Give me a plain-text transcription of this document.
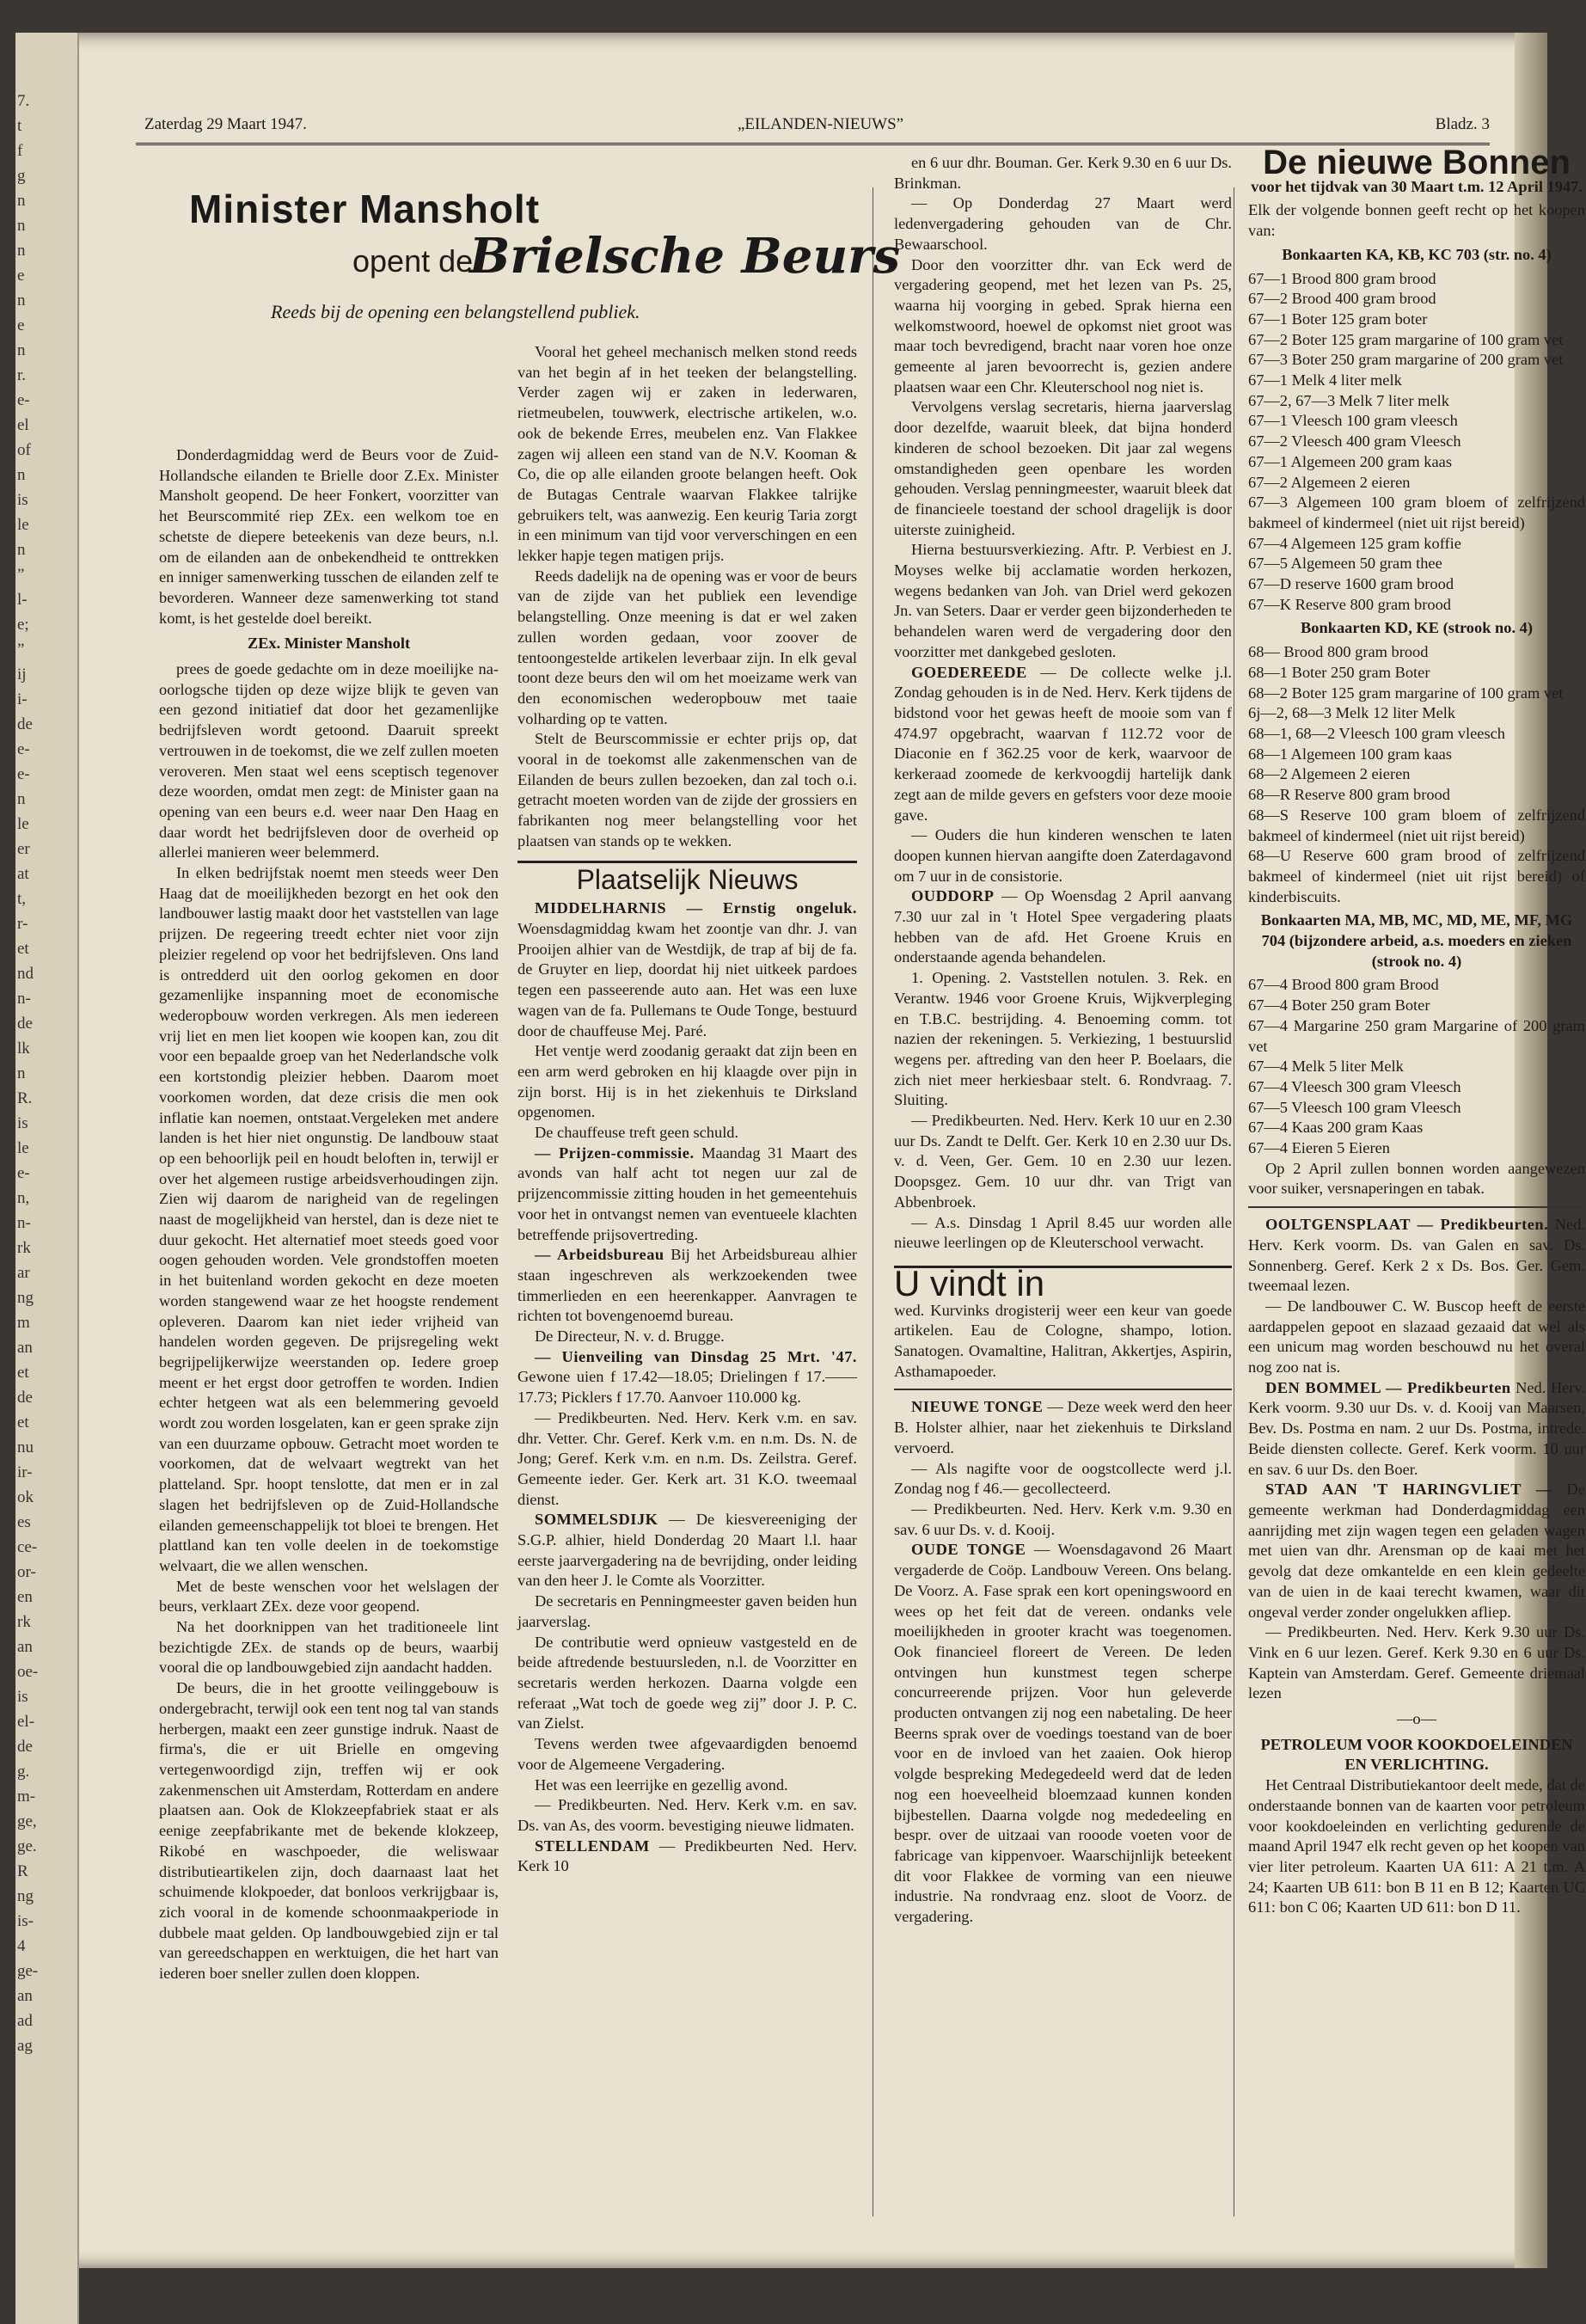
7.
t
f
g
n
n
n
e
n
e
n
r.
e-
el
of
n
is
le
n
”
l-
e;
”
ij
i-
de
e-
e-
n
le
er
at
t,
r-
et
nd
n-
de
lk
n
R.
is
le
e-
n,
n-
rk
ar
ng
m
an
et
de
et
nu
ir-
ok
es
ce-
or-
en
rk
an
oe-
is
el-
de
g.
m-
ge,
ge.
R
ng
is-
4
ge-
an
ad
ag
Zaterdag 29 Maart 1947.	„EILANDEN-NIEUWS”	Bladz. 3
Minister Mansholt
opent de
Brielsche Beurs
Reeds bij de opening een belangstellend publiek.

Donderdagmiddag werd de Beurs voor de Zuid-Hollandsche eilanden te Brielle door Z.Ex. Minister Mansholt geopend. De heer Fonkert, voorzitter van het Beurscommité riep ZEx. een welkom toe en schetste de diepere beteekenis van deze beurs, n.l. om de eilanden aan de onbekendheid te onttrekken en inniger samenwerking tusschen de eilanden zelf te bevorderen. Wanneer deze samenwerking tot stand komt, is het gestelde doel bereikt.

ZEx. Minister Mansholt

prees de goede gedachte om in deze moeilijke na-oorlogsche tijden op deze wijze blijk te geven van een gezond initiatief dat door het gezamenlijke bedrijfsleven wordt getoond. Daaruit spreekt vertrouwen in de toekomst, die we zelf zullen moeten veroveren. Men staat wel eens sceptisch tegenover deze woorden, omdat men zegt: de Minister gaan na opening van een beurs e.d. weer naar Den Haag en daar wordt het bedrijfsleven door de overheid op allerlei manieren weer belemmerd.

In elken bedrijfstak noemt men steeds weer Den Haag dat de moeilijkheden bezorgt en het ook den landbouwer lastig maakt door het vaststellen van lage prijzen. De regeering treedt echter niet voor zijn pleizier regelend op voor het bedrijfsleven. Ons land is ontredderd uit den oorlog gekomen en door gezamenlijke inspanning moet de economische wederopbouw worden verkregen. Als men iedereen vrij liet en men liet koopen wie koopen kan, zou dit voor een bepaalde groep van het Nederlandsche volk een kortstondig pleizier hebben. Daarom moet voorkomen worden, dat deze crisis die men ook inflatie kan noemen, ontstaat.Vergeleken met andere landen is het hier niet ongunstig. De landbouw staat op een behoorlijk peil en houdt beloften in, terwijl er over het algemeen rustige arbeidsverhoudingen zijn. Zien wij daarom de narigheid van de regelingen naast de mogelijkheid van herstel, dan is deze niet te duur gekocht. Het alternatief moet steeds goed voor oogen gehouden worden. Vele grondstoffen moeten in het buitenland worden gekocht en deze moeten worden stangewend waar ze het hoogste rendement opleveren. Daarom kan niet ieder vrijheid van handelen worden gegeven. De prijsregeling wekt begrijpelijkerwijze weerstanden op. Iedere groep meent er het ergst door getroffen te worden. Indien echter hetgeen wat als een belemmering gevoeld wordt zou worden losgelaten, kan er geen sprake zijn van een duurzame opbouw. Getracht moet worden te voorkomen, dat de welvaart wegtrekt van het platteland. Spr. hoopt tenslotte, dat men er in zal slagen het bedrijfsleven op de Zuid-Hollandsche eilanden gemeenschappelijk tot bloei te brengen. Het plattland kan ten volle deelen in de toekomstige welvaart, die we allen wenschen.

Met de beste wenschen voor het welslagen der beurs, verklaart ZEx. deze voor geopend.

Na het doorknippen van het traditioneele lint bezichtigde ZEx. de stands op de beurs, waarbij vooral die op landbouwgebied zijn aandacht hadden.

De beurs, die in het grootte veilinggebouw is ondergebracht, terwijl ook een tent nog tal van stands herbergen, maakt een zeer gunstige indruk. Naast de firma's, die er uit Brielle en omgeving vertegenwoordigd zijn, treffen wij er ook zakenmenschen uit Amsterdam, Rotterdam en andere plaatsen aan. Ook de Klokzeepfabriek staat er als eenige zeepfabrikante met de bekende klokzeep, Rikobé en waschpoeder, die weliswaar distributieartikelen zijn, doch daarnaast laat het schuimende klokpoeder, dat bonloos verkrijgbaar is, zich vooral in de komende schoonmaakperiode in dubbele maat gelden. Op landbouwgebied zijn er tal van gereedschappen en werktuigen, die het hart van iederen boer sneller zullen doen kloppen.

Vooral het geheel mechanisch melken stond reeds van het begin af in het teeken der belangstelling. Verder zagen wij er zaken in lederwaren, rietmeubelen, touwwerk, electrische artikelen, w.o. ook de bekende Erres, meubelen enz. Van Flakkee zagen wij alleen een stand van de N.V. Kooman & Co, die op alle eilanden groote belangen heeft. Ook de Butagas Centrale waarvan Flakkee talrijke gebruikers telt, was aanwezig. Een keurig Taria zorgt in een minimum van tijd voor ververschingen en een lekker hapje tegen matigen prijs.

Reeds dadelijk na de opening was er voor de beurs van de zijde van het publiek een levendige belangstelling. Onze meening is dat er wel zaken zullen worden gedaan, voor zoover de tentoongestelde artikelen leverbaar zijn. In elk geval toont deze beurs den wil om het moeizame werk van den economischen wederopbouw met taaie volharding op te vatten.

Stelt de Beurscommissie er echter prijs op, dat vooral in de toekomst alle zakenmenschen van de Eilanden de beurs zullen bezoeken, dan zal toch o.i. getracht moeten worden van de zijde der grossiers en fabrikanten nog meer belangstelling voor het plaatsen van stands op te wekken.

Plaatselijk Nieuws

MIDDELHARNIS — Ernstig ongeluk. Woensdagmiddag kwam het zoontje van dhr. J. van Prooijen alhier van de Westdijk, de trap af bij de fa. de Gruyter en liep, doordat hij niet uitkeek pardoes tegen een passeerende auto aan. Het was een luxe wagen van de fa. Pullemans te Oude Tonge, bestuurd door de chauffeuse Mej. Paré.

Het ventje werd zoodanig geraakt dat zijn been en een arm werd gebroken en hij klaagde over pijn in zijn borst. Hij is in het ziekenhuis te Dirksland opgenomen.

De chauffeuse treft geen schuld.

— Prijzen-commissie. Maandag 31 Maart des avonds van half acht tot negen uur zal de prijzencommissie zitting houden in het gemeentehuis voor het in ontvangst nemen van eventueele klachten betreffende prijsovertreding.

— Arbeidsbureau Bij het Arbeidsbureau alhier staan ingeschreven als werkzoekenden twee timmerlieden en een heerenkapper. Aanvragen te richten tot bovengenoemd bureau.

De Directeur, N. v. d. Brugge.

— Uienveiling van Dinsdag 25 Mrt. '47. Gewone uien f 17.42—18.05; Drielingen f 17.——17.73; Picklers f 17.70. Aanvoer 110.000 kg.

— Predikbeurten. Ned. Herv. Kerk v.m. en sav. dhr. Vetter. Chr. Geref. Kerk v.m. en n.m. Ds. N. de Jong; Geref. Kerk v.m. en n.m. Ds. Zeilstra. Geref. Gemeente ieder. Ger. Kerk art. 31 K.O. tweemaal dienst.

SOMMELSDIJK — De kiesvereeniging der S.G.P. alhier, hield Donderdag 20 Maart l.l. haar eerste jaarvergadering na de bevrijding, onder leiding van den heer J. le Comte als Voorzitter.

De secretaris en Penningmeester gaven beiden hun jaarverslag.

De contributie werd opnieuw vastgesteld en de beide aftredende bestuursleden, n.l. de Voorzitter en secretaris werden herkozen. Daarna volgde een referaat „Wat toch de goede weg zij” door J. P. C. van Zielst.

Tevens werden twee afgevaardigden benoemd voor de Algemeene Vergadering.

Het was een leerrijke en gezellig avond.

— Predikbeurten. Ned. Herv. Kerk v.m. en sav. Ds. van As, des voorm. bevestiging nieuwe lidmaten.

STELLENDAM — Predikbeurten Ned. Herv. Kerk 10

en 6 uur dhr. Bouman. Ger. Kerk 9.30 en 6 uur Ds. Brinkman.

— Op Donderdag 27 Maart werd ledenvergadering gehouden van de Chr. Bewaarschool.

Door den voorzitter dhr. van Eck werd de vergadering geopend, met het lezen van Ps. 25, waarna hij voorging in gebed. Sprak hierna een welkomstwoord, hoewel de opkomst niet groot was maar toch bevredigend, bracht naar voren hoe onze gemeente al jaren bevoorrecht is, gezien andere plaatsen waar een Chr. Kleuterschool nog niet is.

Vervolgens verslag secretaris, hierna jaarverslag door dezelfde, waaruit bleek, dat bijna honderd kinderen de school bezoeken. Dit jaar zal wegens omstandigheden geen openbare les worden gehouden. Verslag penningmeester, waaruit bleek dat de financieele toestand der school dragelijk is door uiterste zuinigheid.

Hierna bestuursverkiezing. Aftr. P. Verbiest en J. Moyses welke bij acclamatie worden herkozen, wegens bedanken van Joh. van Driel werd gekozen Jn. van Seters. Daar er verder geen bijzonderheden te behandelen waren werd de vergadering door den voorzitter met dankgebed gesloten.

GOEDEREEDE — De collecte welke j.l. Zondag gehouden is in de Ned. Herv. Kerk tijdens de bidstond voor het gewas heeft de mooie som van f 474.97 opgebracht, waarvan f 112.72 voor de Diaconie en f 362.25 voor de kerk, waarvoor de kerkeraad zoomede de kerkvoogdij hartelijk dank zegt aan de milde gevers en gefsters voor deze mooie gave.

— Ouders die hun kinderen wenschen te laten doopen kunnen hiervan aangifte doen Zaterdagavond om 7 uur in de consistorie.

OUDDORP — Op Woensdag 2 April aanvang 7.30 uur zal in 't Hotel Spee vergadering plaats hebben van de afd. Het Groene Kruis en onderstaande agenda behandelen.

1. Opening. 2. Vaststellen notulen. 3. Rek. en Verantw. 1946 voor Groene Kruis, Wijkverpleging en T.B.C. bestrijding. 4. Benoeming comm. tot nazien der rekeningen. 5. Verkiezing, 1 bestuurslid wegens per. aftreding van den heer P. Boelaars, die zich niet meer herkiesbaar stelt. 6. Rondvraag. 7. Sluiting.

— Predikbeurten. Ned. Herv. Kerk 10 uur en 2.30 uur Ds. Zandt te Delft. Ger. Kerk 10 en 2.30 uur Ds. v. d. Veen, Ger. Gem. 10 en 2.30 uur lezen. Doopsgez. Gem. 10 uur dhr. van Trigt van Abbenbroek.

— A.s. Dinsdag 1 April 8.45 uur worden alle nieuwe leerlingen op de Kleuterschool verwacht.

U vindt in

wed. Kurvinks drogisterij weer een keur van goede artikelen. Eau de Cologne, shampo, lotion. Sanatogen. Ovamaltine, Halitran, Akkertjes, Aspirin, Asthamapoeder.

NIEUWE TONGE — Deze week werd den heer B. Holster alhier, naar het ziekenhuis te Dirksland vervoerd.

— Als nagifte voor de oogstcollecte werd j.l. Zondag nog f 46.— gecollecteerd.

— Predikbeurten. Ned. Herv. Kerk v.m. 9.30 en sav. 6 uur Ds. v. d. Kooij.

OUDE TONGE — Woensdagavond 26 Maart vergaderde de Coöp. Landbouw Vereen. Ons belang. De Voorz. A. Fase sprak een kort openingswoord en wees op het feit dat de vereen. ondanks vele moeilijkheden in grooter kracht was toegenomen. Ook financieel floreert de Vereen. De leden ontvingen hun kunstmest tegen scherpe concurreerende prijzen. Voor hun geleverde producten ontvangen zij nog een nabetaling. De heer Beerns sprak over de voedings toestand van de boer voor en de invloed van het zaaien. Ook hierop volgde bespreking Medegedeeld werd dat de leden nog een hoeveelheid bloemzaad kunnen konden bijbestellen. Daarna volgde nog mededeeling en bespr. over de uitzaai van rooode voeten voor de fabricage van kippenvoer. Waarschijnlijk beteekent dit voor Flakkee de vorming van een nieuwe industrie. Na rondvraag enz. sloot de Voorz. de vergadering.

De nieuwe Bonnen

voor het tijdvak van 30 Maart t.m. 12 April 1947.

Elk der volgende bonnen geeft recht op het koopen van:

Bonkaarten KA, KB, KC 703 (str. no. 4)

67—1 Brood 800 gram brood
67—2 Brood 400 gram brood
67—1 Boter 125 gram boter
67—2 Boter 125 gram margarine of 100 gram vet
67—3 Boter 250 gram margarine of 200 gram vet
67—1 Melk 4 liter melk
67—2, 67—3 Melk 7 liter melk
67—1 Vleesch 100 gram vleesch
67—2 Vleesch 400 gram Vleesch
67—1 Algemeen 200 gram kaas
67—2 Algemeen 2 eieren
67—3 Algemeen 100 gram bloem of zelfrijzend bakmeel of kindermeel (niet uit rijst bereid)
67—4 Algemeen 125 gram koffie
67—5 Algemeen 50 gram thee
67—D reserve 1600 gram brood
67—K Reserve 800 gram brood

Bonkaarten KD, KE (strook no. 4)

68— Brood 800 gram brood
68—1 Boter 250 gram Boter
68—2 Boter 125 gram margarine of 100 gram vet
6j—2, 68—3 Melk 12 liter Melk
68—1, 68—2 Vleesch 100 gram vleesch
68—1 Algemeen 100 gram kaas
68—2 Algemeen 2 eieren
68—R Reserve 800 gram brood
68—S Reserve 100 gram bloem of zelfrijzend bakmeel of kindermeel (niet uit rijst bereid)
68—U Reserve 600 gram brood of zelfrijzend bakmeel of kindermeel (niet uit rijst bereid) of kinderbiscuits.

Bonkaarten MA, MB, MC, MD, ME, MF, MG 704 (bijzondere arbeid, a.s. moeders en zieken (strook no. 4)

67—4 Brood 800 gram Brood
67—4 Boter 250 gram Boter
67—4 Margarine 250 gram Margarine of 200 gram vet
67—4 Melk 5 liter Melk
67—4 Vleesch 300 gram Vleesch
67—5 Vleesch 100 gram Vleesch
67—4 Kaas 200 gram Kaas
67—4 Eieren 5 Eieren

Op 2 April zullen bonnen worden aangewezen voor suiker, versnaperingen en tabak.

OOLTGENSPLAAT — Predikbeurten. Ned. Herv. Kerk voorm. Ds. van Galen en sav. Ds. Sonnenberg. Geref. Kerk 2 x Ds. Bos. Ger. Gem. tweemaal lezen.

— De landbouwer C. W. Buscop heeft de eerste aardappelen gepoot en slazaad gezaaid dat wel als een unicum mag worden beschouwd nu het overal nog zoo nat is.

DEN BOMMEL — Predikbeurten Ned. Herv. Kerk voorm. 9.30 uur Ds. v. d. Kooij van Maarsen, Bev. Ds. Postma en nam. 2 uur Ds. Postma, intrede. Beide diensten collecte. Geref. Kerk voorm. 10 uur en sav. 6 uur Ds. den Boer.

STAD AAN 'T HARINGVLIET — De gemeente werkman had Donderdagmiddag een aanrijding met zijn wagen tegen een geladen wagen met uien van dhr. Arensman op de kaai met het gevolg dat deze omkantelde en een klein gedeelte van de uien in de kaai terecht kwamen, waar dit ongeval verder zonder ongelukken afliep.

— Predikbeurten. Ned. Herv. Kerk 9.30 uur Ds. Vink en 6 uur lezen. Geref. Kerk 9.30 en 6 uur Ds. Kaptein van Amsterdam. Geref. Gemeente driemaal lezen

—o—

PETROLEUM VOOR KOOKDOELEINDEN EN VERLICHTING.

Het Centraal Distributiekantoor deelt mede, dat de onderstaande bonnen van de kaarten voor petroleum voor kookdoeleinden en verlichting gedurende de maand April 1947 elk recht geven op het koopen van vier liter petroleum. Kaarten UA 611: A 21 t.m. A 24; Kaarten UB 611: bon B 11 en B 12; Kaarten UC 611: bon C 06; Kaarten UD 611: bon D 11.
